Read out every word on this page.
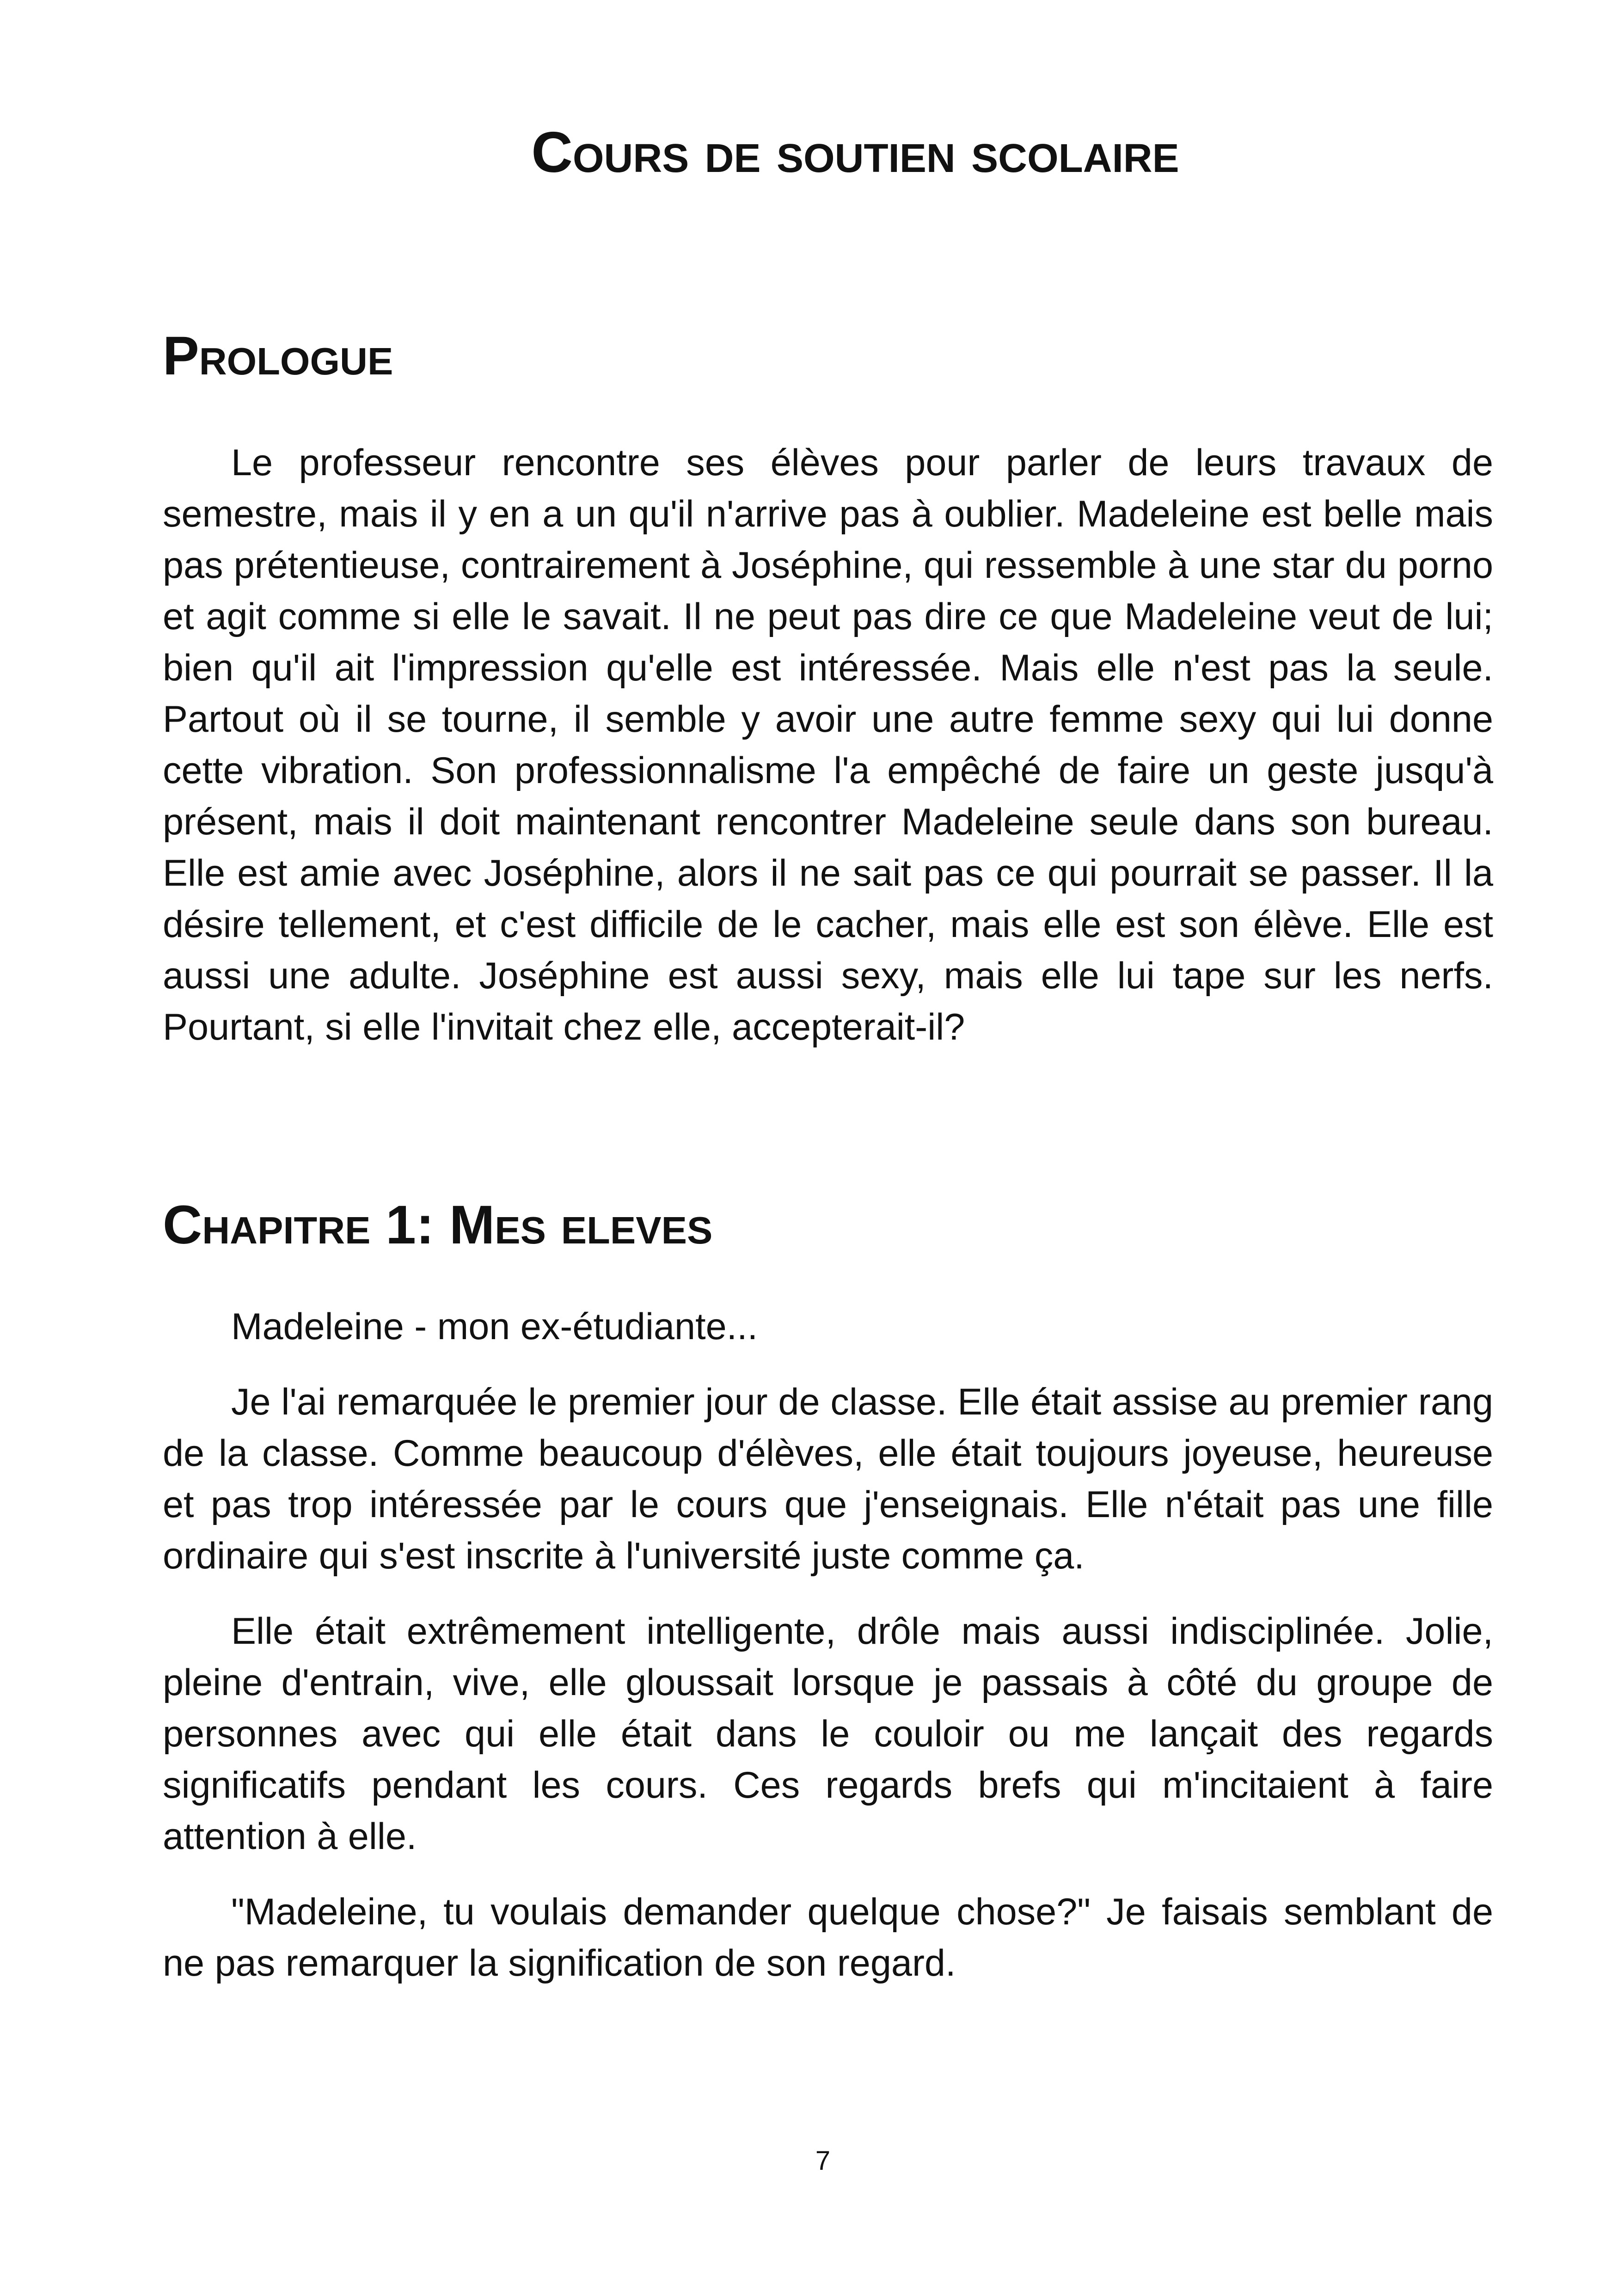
Cours de soutien scolaire
Prologue

Le professeur rencontre ses élèves pour parler de leurs travaux de semestre, mais il y en a un qu'il n'arrive pas à oublier. Madeleine est belle mais pas prétentieuse, contrairement à Joséphine, qui ressemble à une star du porno et agit comme si elle le savait. Il ne peut pas dire ce que Madeleine veut de lui; bien qu'il ait l'impression qu'elle est intéressée. Mais elle n'est pas la seule. Partout où il se tourne, il semble y avoir une autre femme sexy qui lui donne cette vibration. Son professionnalisme l'a empêché de faire un geste jusqu'à présent, mais il doit maintenant rencontrer Madeleine seule dans son bureau. Elle est amie avec Joséphine, alors il ne sait pas ce qui pourrait se passer. Il la désire tellement, et c'est difficile de le cacher, mais elle est son élève. Elle est aussi une adulte. Joséphine est aussi sexy, mais elle lui tape sur les nerfs. Pourtant, si elle l'invitait chez elle, accepterait-il?

Chapitre 1: Mes eleves

Madeleine - mon ex-étudiante...

Je l'ai remarquée le premier jour de classe. Elle était assise au premier rang de la classe. Comme beaucoup d'élèves, elle était toujours joyeuse, heureuse et pas trop intéressée par le cours que j'enseignais. Elle n'était pas une fille ordinaire qui s'est inscrite à l'université juste comme ça.

Elle était extrêmement intelligente, drôle mais aussi indisciplinée. Jolie, pleine d'entrain, vive, elle gloussait lorsque je passais à côté du groupe de personnes avec qui elle était dans le couloir ou me lançait des regards significatifs pendant les cours. Ces regards brefs qui m'incitaient à faire attention à elle.

"Madeleine, tu voulais demander quelque chose?" Je faisais semblant de ne pas remarquer la signification de son regard.

7
